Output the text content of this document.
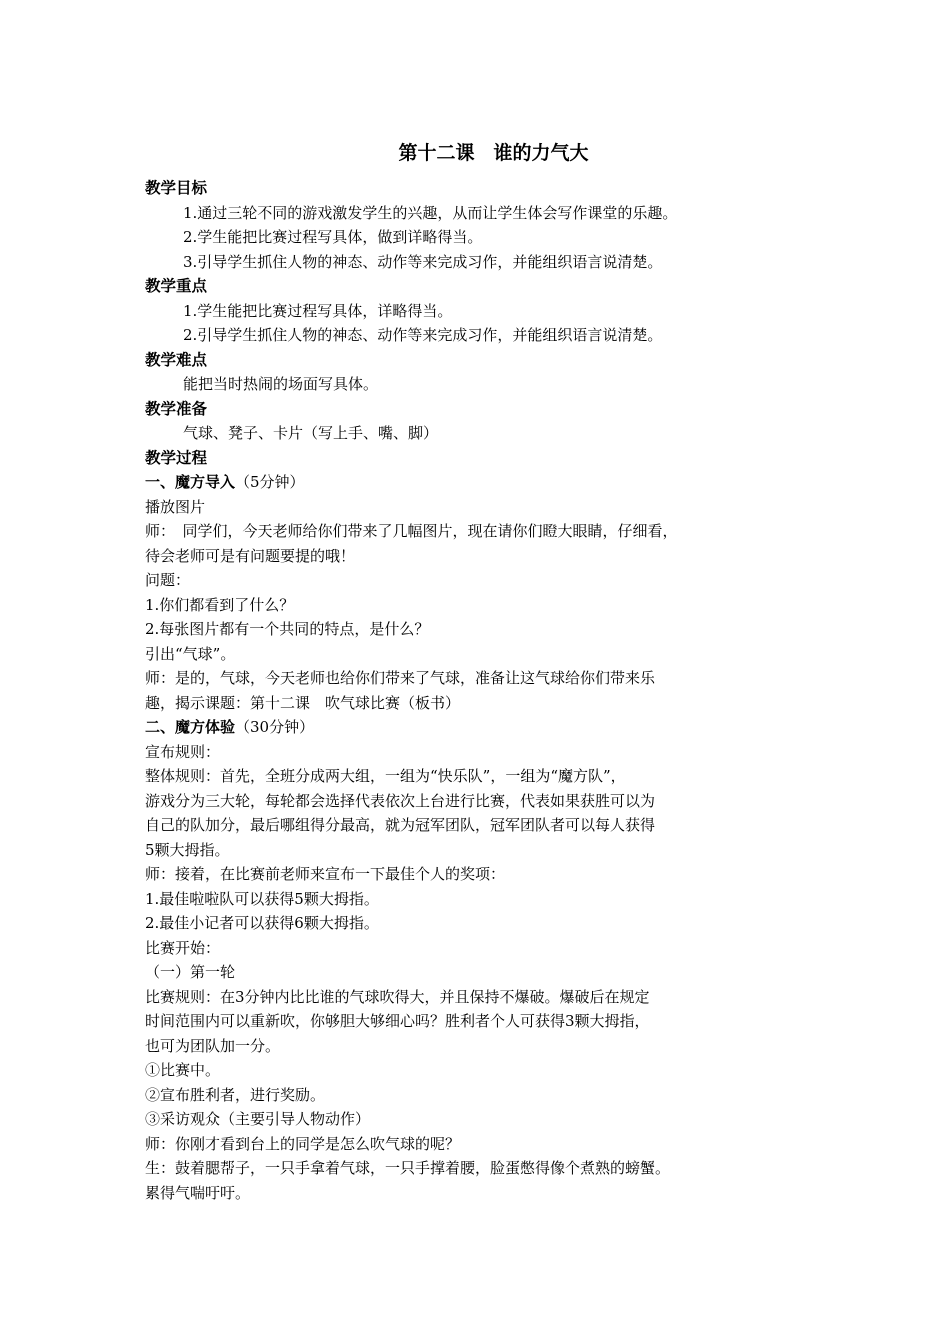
第十二课　谁的力气大
教学目标
1.通过三轮不同的游戏激发学生的兴趣，从而让学生体会写作课堂的乐趣。
2.学生能把比赛过程写具体，做到详略得当。
3.引导学生抓住人物的神态、动作等来完成习作，并能组织语言说清楚。
教学重点
1.学生能把比赛过程写具体，详略得当。
2.引导学生抓住人物的神态、动作等来完成习作，并能组织语言说清楚。
教学难点
能把当时热闹的场面写具体。
教学准备
气球、凳子、卡片（写上手、嘴、脚）
教学过程
一、魔方导入（5分钟）
播放图片
师：　同学们，今天老师给你们带来了几幅图片，现在请你们瞪大眼睛，仔细看，
待会老师可是有问题要提的哦！
问题：
1.你们都看到了什么？
2.每张图片都有一个共同的特点，是什么？
引出“气球”。
师：是的，气球，今天老师也给你们带来了气球，准备让这气球给你们带来乐
趣，揭示课题：第十二课　吹气球比赛（板书）
二、魔方体验（30分钟）
宣布规则：
整体规则：首先，全班分成两大组，一组为“快乐队”，一组为“魔方队”，
游戏分为三大轮，每轮都会选择代表依次上台进行比赛，代表如果获胜可以为
自己的队加分，最后哪组得分最高，就为冠军团队，冠军团队者可以每人获得
5颗大拇指。
师：接着，在比赛前老师来宣布一下最佳个人的奖项：
1.最佳啦啦队可以获得5颗大拇指。
2.最佳小记者可以获得6颗大拇指。
比赛开始：
（一）第一轮
比赛规则：在3分钟内比比谁的气球吹得大，并且保持不爆破。爆破后在规定
时间范围内可以重新吹，你够胆大够细心吗？胜利者个人可获得3颗大拇指，
也可为团队加一分。
①比赛中。
②宣布胜利者，进行奖励。
③采访观众（主要引导人物动作）
师：你刚才看到台上的同学是怎么吹气球的呢？
生：鼓着腮帮子，一只手拿着气球，一只手撑着腰，脸蛋憋得像个煮熟的螃蟹。
累得气喘吁吁。
